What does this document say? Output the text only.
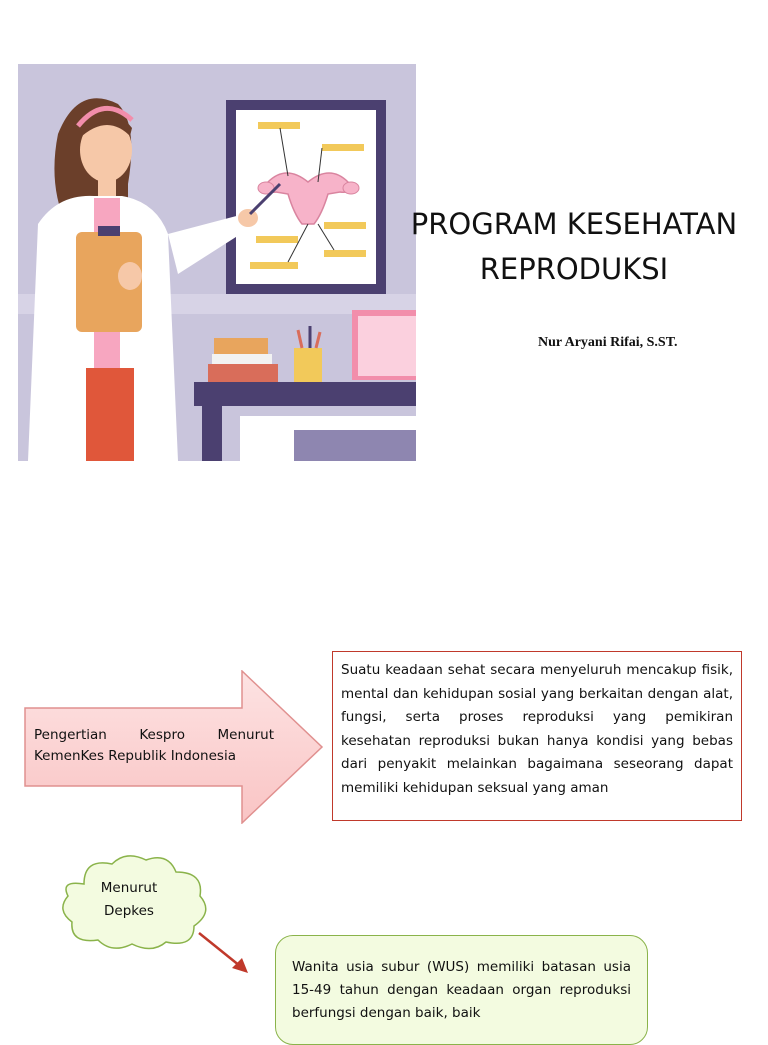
PROGRAM KESEHATAN
REPRODUKSI
Nur Aryani Rifai, S.ST.
Pengertian Kespro Menurut KemenKes Republik Indonesia
Suatu keadaan sehat secara menyeluruh mencakup fisik, mental dan kehidupan sosial yang berkaitan dengan alat, fungsi, serta proses reproduksi yang pemikiran kesehatan reproduksi bukan hanya kondisi yang bebas dari penyakit melainkan bagaimana seseorang dapat memiliki kehidupan seksual yang aman
Menurut Depkes
Wanita usia subur (WUS) memiliki batasan usia 15-49 tahun dengan keadaan organ reproduksi berfungsi dengan baik, baik
